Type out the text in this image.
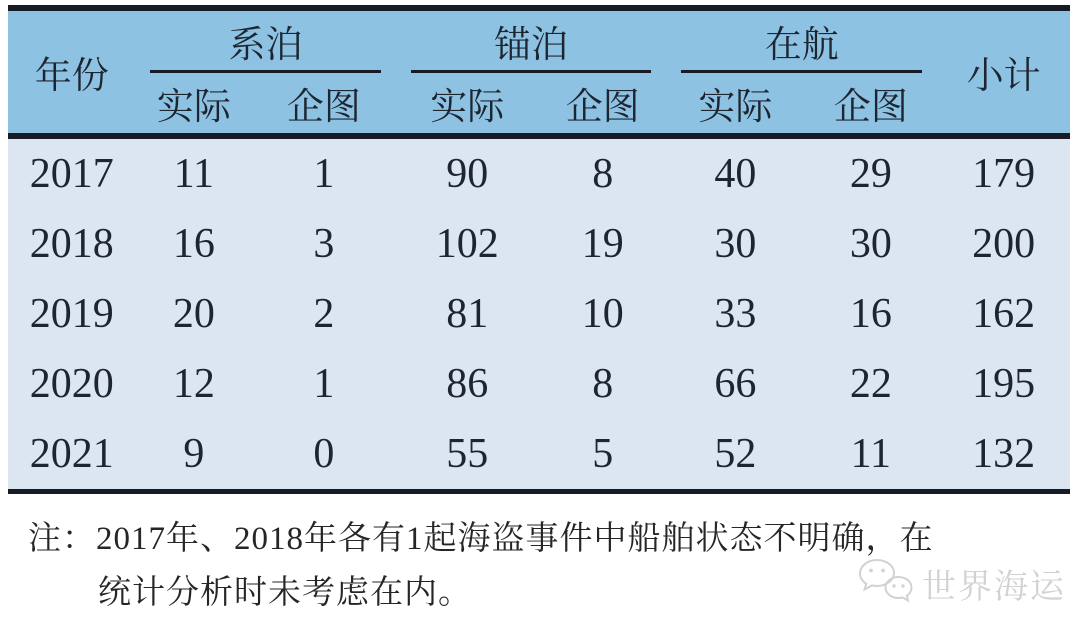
年份	系泊		锚泊		在航		小计
	实际	企图	实际	企图	实际	企图	
2017	11	1	90	8	40	29	179
2018	16	3	102	19	30	30	200
2019	20	2	81	10	33	16	162
2020	12	1	86	8	66	22	195
2021	9	0	55	5	52	11	132
注：2017年、2018年各有1起海盗事件中船舶状态不明确，在
统计分析时未考虑在内。	世界海运
